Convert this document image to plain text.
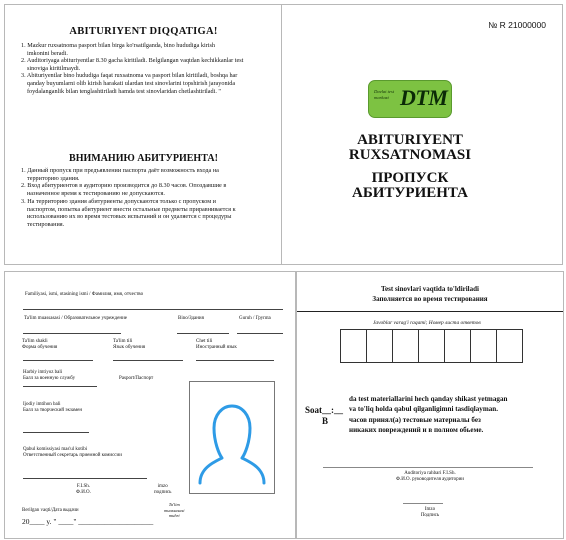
ABITURIYENT DIQQATIGA!
1. Mazkur ruxsatnoma pasport bilan birga ko'rsatilganda, bino hududiga kirish
imkonini beradi.
2. Auditoriyaga abituriyentlar 8.30 gacha kiritiladi. Belgilangan vaqtdan kechikkanlar test
sinoviga kiritilmaydi.
3. Abituriyentlar bino hududiga faqat ruxsatnoma va pasport bilan kiritiladi, boshqa har
qanday buyumlarni olib kirish harakati ulardan test sinovlarini topshirish jarayonida
foydalanganlik bilan tenglashtiriladi hamda test sinovlaridan chetlashtiriladi. "
ВНИМАНИЮ АБИТУРИЕНТА!
1. Данный пропуск при предъявлении паспорта даёт возможность входа на
территорию здания.
2. Вход абитуриентов в аудиторию производится до 8.30 часов. Опоздавшие в
назначенное время к тестированию не допускаются.
3. На территорию здания абитуриенты допускаются только с пропуском и
паспортом, попытка абитуриент внести остальные предметы приравнивается к
использованию их во время тестовых испытаний и он удаляется с процедуры
тестирования.
№ R 21000000
Davlat test
markazi DTM
ABITURIYENT
RUXSATNOMASI
ПРОПУСК
АБИТУРИЕНТА
Familiyasi, ismi, otasining ismi / Фамилия, имя, отчество
Ta'lim muassasasi / Образовательное учреждение	Bino/Здания	Guruh / Группа
Ta'lim shakli
Форма обучения
Ta'lim tili
Язык обучения
Chet tili
Иностранный язык
Harbiy imtiyoz bali
Балл за военную службу	Pasport/Паспорт
Ijodiy imtihon bali
Балл за творческий экзамен
Qabul komissiyasi mas'ul kotibi
Ответственный секретарь приемной комиссии
F.I.Sh.
Ф.И.О.
imzo
подпись
Berilgan vaqti/Дата выдачи
20____ y. " ____" ____________________
Ta'lim
muassasasi
muhri
Test sinovlari vaqtida to'ldiriladi
Заполняется во время тестирования
Javoblar varag'i raqami; Номер листа ответов
Soat__:__
B
da test materiallarini hech qanday shikast yetmagan
va to'liq holda qabul qilganligimni tasdiqlayman.
часов принял(а) тестовые материалы без
никаких повреждений и в полном обьеме.
Auditoriya rahbari F.I.Sh.
Ф.И.О. руководителя аудитории
Imzo
Подпись
